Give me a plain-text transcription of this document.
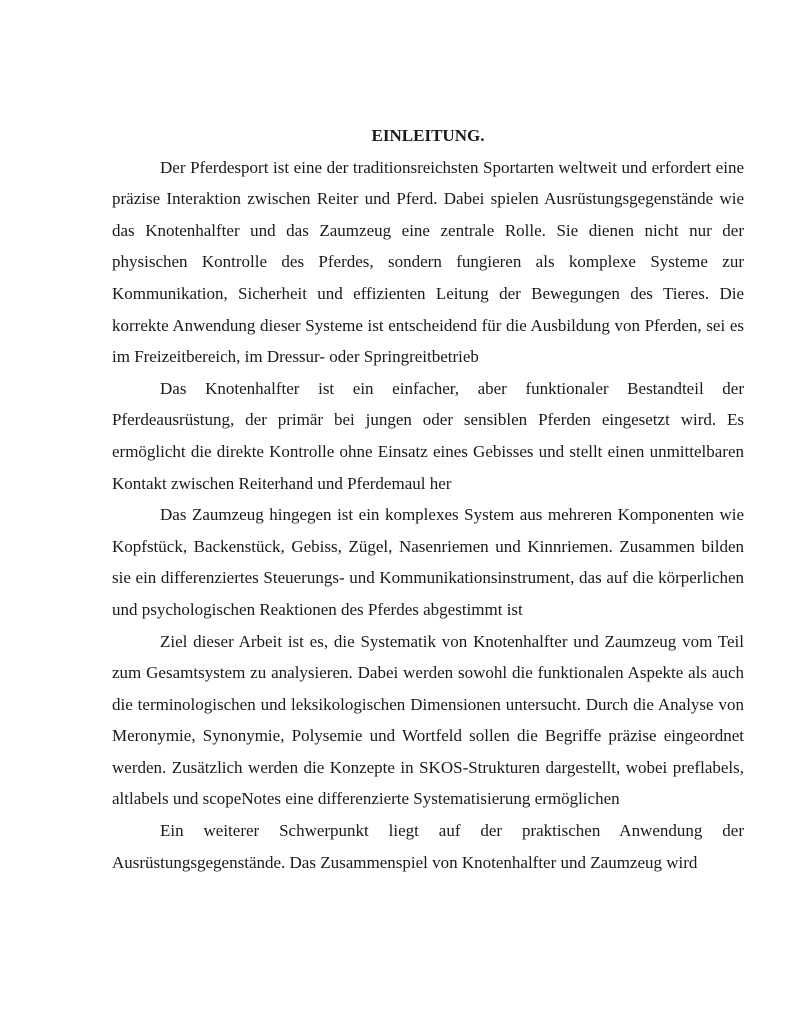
EINLEITUNG.

Der Pferdesport ist eine der traditionsreichsten Sportarten weltweit und erfordert eine präzise Interaktion zwischen Reiter und Pferd. Dabei spielen Ausrüstungsgegenstände wie das Knotenhalfter und das Zaumzeug eine zentrale Rolle. Sie dienen nicht nur der physischen Kontrolle des Pferdes, sondern fungieren als komplexe Systeme zur Kommunikation, Sicherheit und effizienten Leitung der Bewegungen des Tieres. Die korrekte Anwendung dieser Systeme ist entscheidend für die Ausbildung von Pferden, sei es im Freizeitbereich, im Dressur- oder Springreitbetrieb

Das Knotenhalfter ist ein einfacher, aber funktionaler Bestandteil der Pferdeausrüstung, der primär bei jungen oder sensiblen Pferden eingesetzt wird. Es ermöglicht die direkte Kontrolle ohne Einsatz eines Gebisses und stellt einen unmittelbaren Kontakt zwischen Reiterhand und Pferdemaul her

Das Zaumzeug hingegen ist ein komplexes System aus mehreren Komponenten wie Kopfstück, Backenstück, Gebiss, Zügel, Nasenriemen und Kinnriemen. Zusammen bilden sie ein differenziertes Steuerungs- und Kommunikationsinstrument, das auf die körperlichen und psychologischen Reaktionen des Pferdes abgestimmt ist

Ziel dieser Arbeit ist es, die Systematik von Knotenhalfter und Zaumzeug vom Teil zum Gesamtsystem zu analysieren. Dabei werden sowohl die funktionalen Aspekte als auch die terminologischen und leksikologischen Dimensionen untersucht. Durch die Analyse von Meronymie, Synonymie, Polysemie und Wortfeld sollen die Begriffe präzise eingeordnet werden. Zusätzlich werden die Konzepte in SKOS-Strukturen dargestellt, wobei preflabels, altlabels und scopeNotes eine differenzierte Systematisierung ermöglichen

Ein weiterer Schwerpunkt liegt auf der praktischen Anwendung der Ausrüstungsgegenstände. Das Zusammenspiel von Knotenhalfter und Zaumzeug wird
